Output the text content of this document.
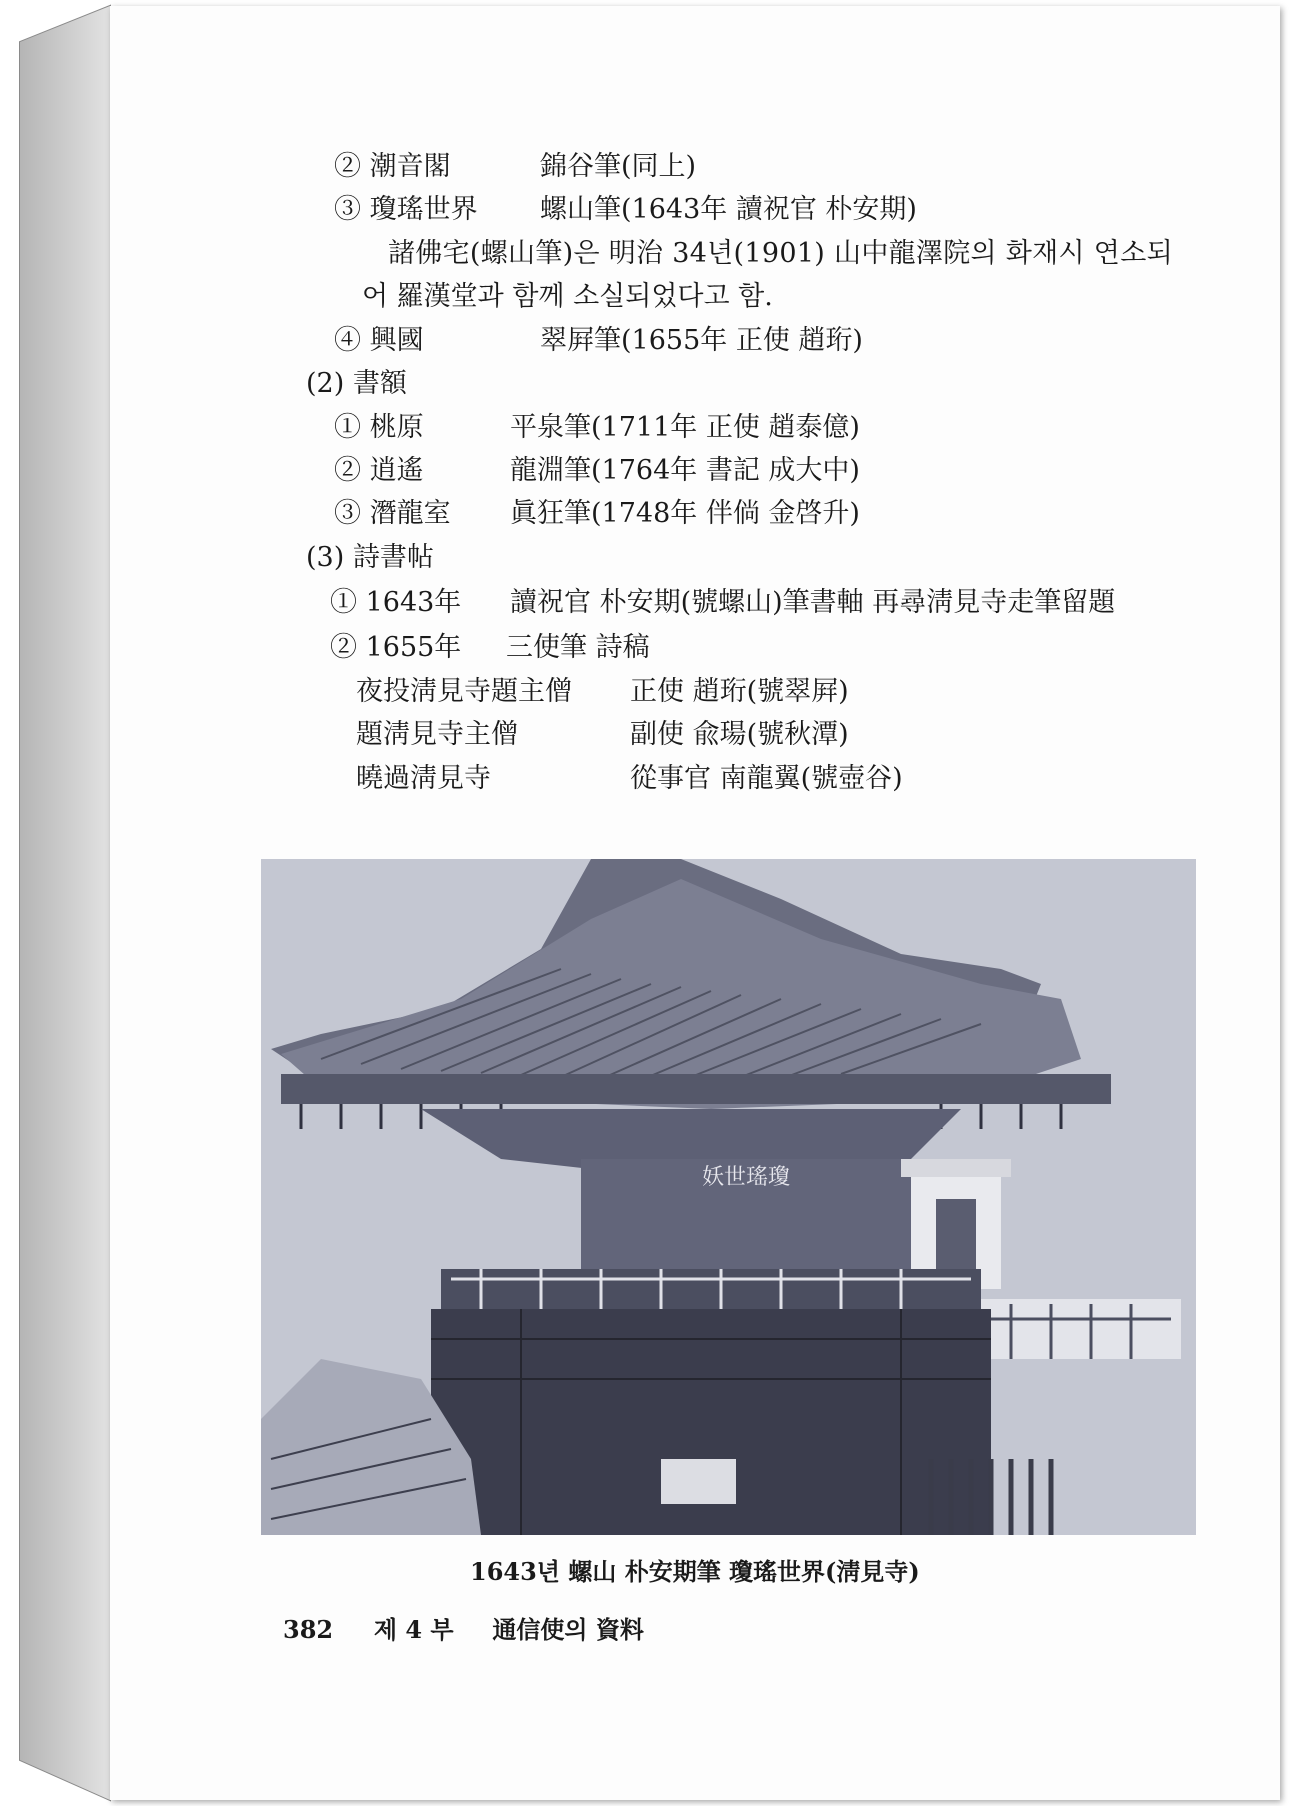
② 潮音閣	錦谷筆(同上)
③ 瓊瑤世界 螺山筆(1643年 讀祝官 朴安期)
諸佛宅(螺山筆)은 明治 34년(1901) 山中龍澤院의 화재시 연소되
어 羅漢堂과 함께 소실되었다고 함.
④ 興國	翠屛筆(1655年 正使 趙珩)
(2) 書額
① 桃原	平泉筆(1711年 正使 趙泰億)
② 逍遙	龍淵筆(1764年 書記 成大中)
③ 潛龍室 眞狂筆(1748年 伴倘 金啓升)
(3) 詩書帖
① 1643年 讀祝官 朴安期(號螺山)筆書軸 再尋淸見寺走筆留題
② 1655年 三使筆 詩稿
夜投淸見寺題主僧 正使 趙珩(號翠屛)
題淸見寺主僧	副使 兪瑒(號秋潭)
曉過淸見寺	從事官 南龍翼(號壺谷)
妖世瑤瓊
1643년 螺山 朴安期筆 瓊瑤世界(淸見寺)
382 제 4 부 通信使의 資料
